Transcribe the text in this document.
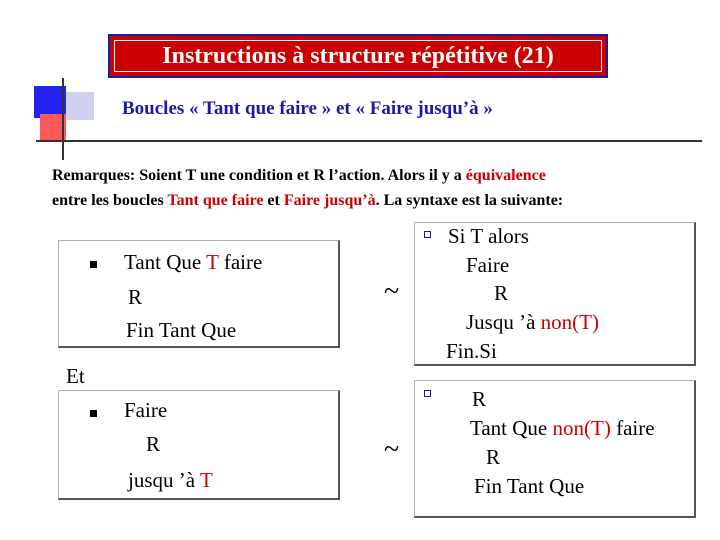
Instructions à structure répétitive (21)
Boucles « Tant que faire » et « Faire jusqu’à »
Remarques: Soient T une condition et R l’action. Alors il y a équivalence
entre les boucles Tant que faire et Faire jusqu’à. La syntaxe est la suivante:
Tant Que T faire
R
Fin Tant Que
~
Si T alors
Faire
R
Jusqu ’à non(T)
Fin.Si
Et
Faire
R
jusqu ’à T
~
R
Tant Que non(T) faire
R
Fin Tant Que
